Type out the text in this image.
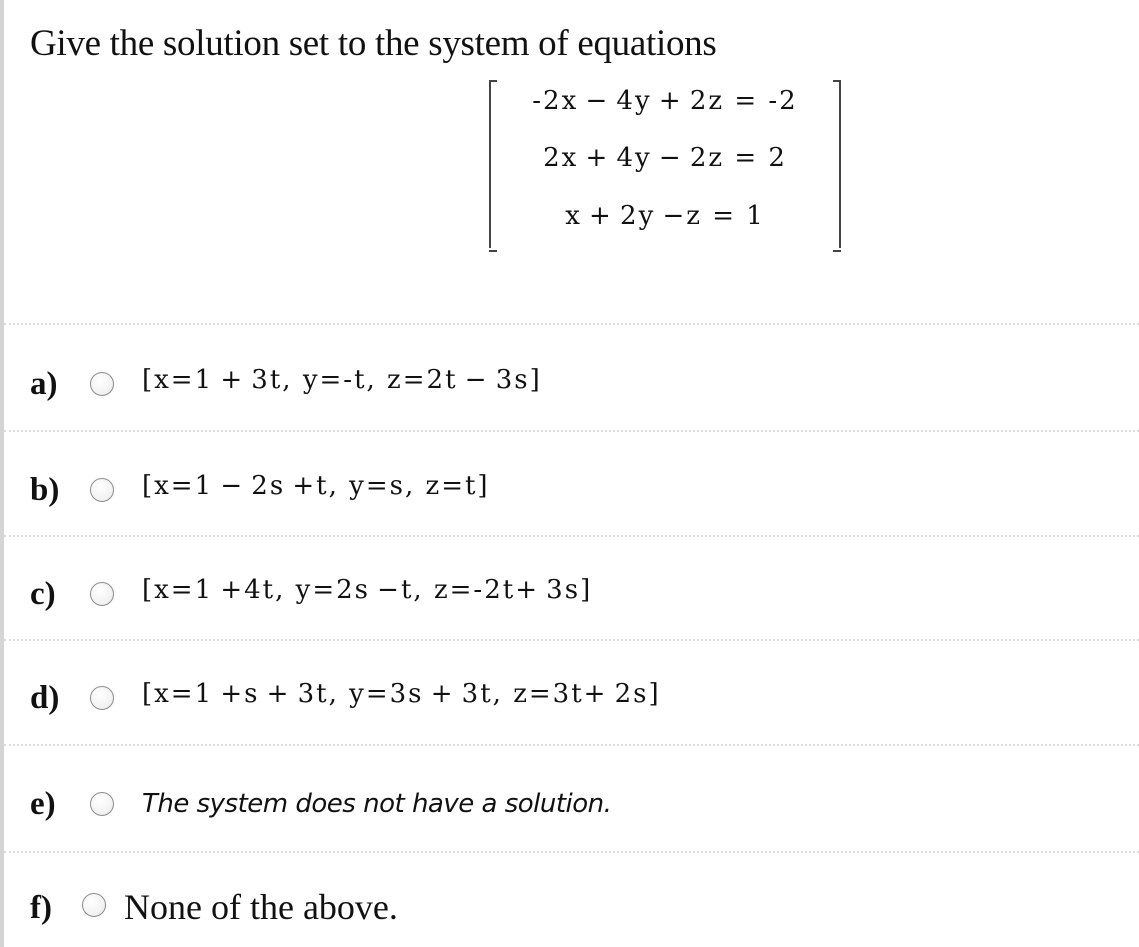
Give the solution set to the system of equations
-2x − 4y + 2z = -2
2x + 4y − 2z = 2
x + 2y −z = 1
a)	[x=1 + 3t, y=-t, z=2t − 3s]
b)	[x=1 − 2s +t, y=s, z=t]
c)	[x=1 +4t, y=2s −t, z=-2t+ 3s]
d)	[x=1 +s + 3t, y=3s + 3t, z=3t+ 2s]
e)	The system does not have a solution.
f) None of the above.
